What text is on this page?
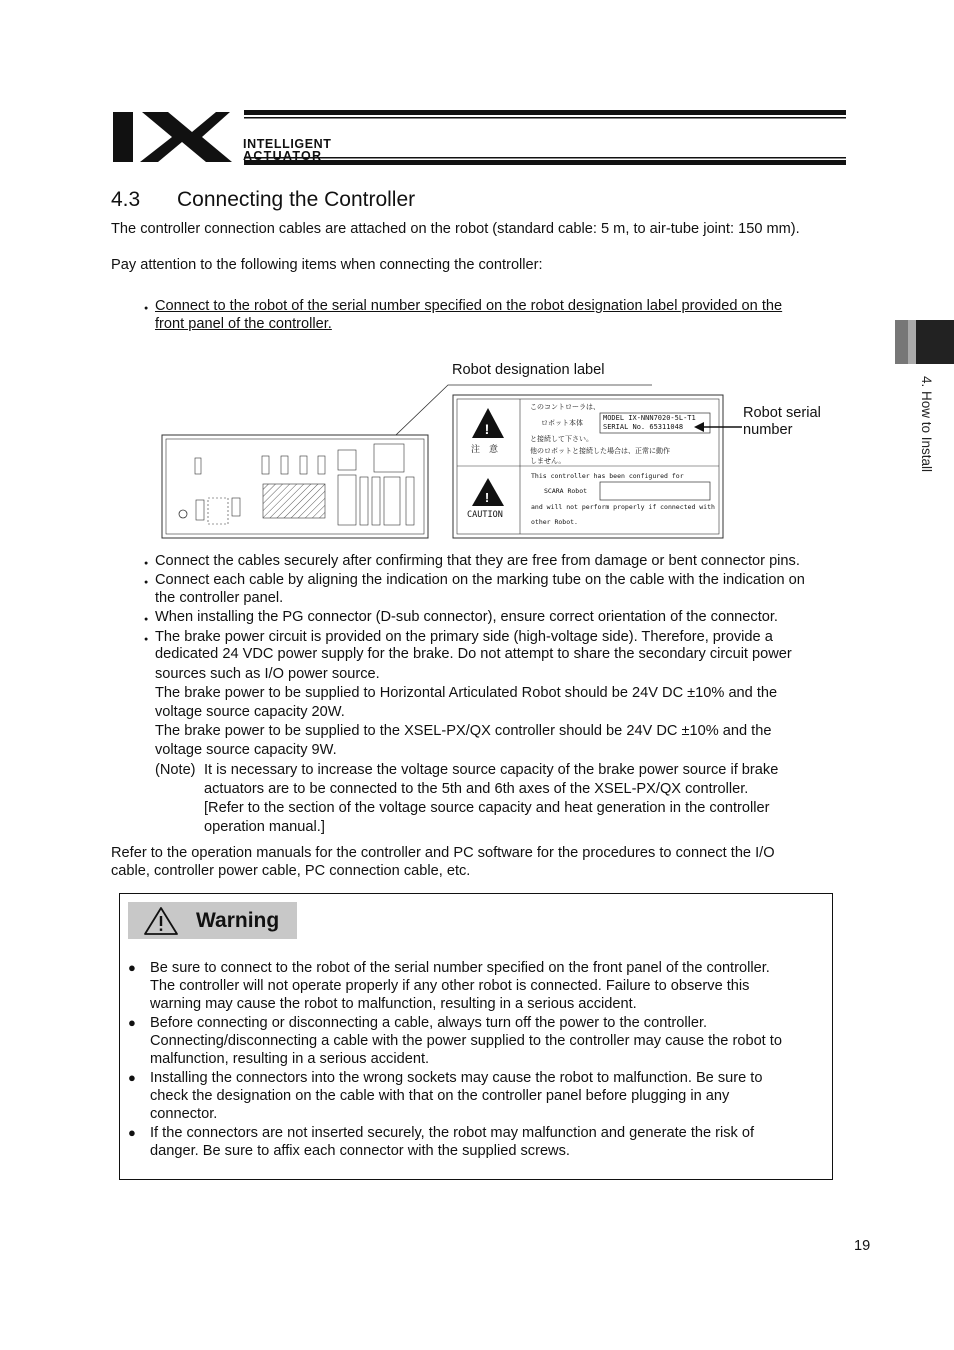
INTELLIGENT
ACTUATOR
4. How to Install
4.3 Connecting the Controller
The controller connection cables are attached on the robot (standard cable: 5 m, to air-tube joint: 150 mm).
Pay attention to the following items when connecting the controller:
● Connect to the robot of the serial number specified on the robot designation label provided on the
front panel of the controller.
Robot designation label
Robot serial
number
!
!
このコントローラは、
ロボット本体
MODEL IX-NNN7020-5L-T1
SERIAL No. 65311048
と接続して下さい。
他のロボットと接続した場合は、正常に動作
しません。
注　意
CAUTION
This controller has been configured for
SCARA Robot
and will not perform properly if connected with
other Robot.
● Connect the cables securely after confirming that they are free from damage or bent connector pins.
● Connect each cable by aligning the indication on the marking tube on the cable with the indication on
the controller panel.
● When installing the PG connector (D-sub connector), ensure correct orientation of the connector.
● The brake power circuit is provided on the primary side (high-voltage side). Therefore, provide a
dedicated 24 VDC power supply for the brake. Do not attempt to share the secondary circuit power
sources such as I/O power source.
The brake power to be supplied to Horizontal Articulated Robot should be 24V DC ±10% and the
voltage source capacity 20W.
The brake power to be supplied to the XSEL-PX/QX controller should be 24V DC ±10% and the
voltage source capacity 9W.
(Note) It is necessary to increase the voltage source capacity of the brake power source if brake
actuators are to be connected to the 5th and 6th axes of the XSEL-PX/QX controller.
[Refer to the section of the voltage source capacity and heat generation in the controller
operation manual.]
Refer to the operation manuals for the controller and PC software for the procedures to connect the I/O
cable, controller power cable, PC connection cable, etc.
Warning
● Be sure to connect to the robot of the serial number specified on the front panel of the controller.
The controller will not operate properly if any other robot is connected. Failure to observe this
warning may cause the robot to malfunction, resulting in a serious accident.
● Before connecting or disconnecting a cable, always turn off the power to the controller.
Connecting/disconnecting a cable with the power supplied to the controller may cause the robot to
malfunction, resulting in a serious accident.
● Installing the connectors into the wrong sockets may cause the robot to malfunction. Be sure to
check the designation on the cable with that on the controller panel before plugging in any
connector.
● If the connectors are not inserted securely, the robot may malfunction and generate the risk of
danger. Be sure to affix each connector with the supplied screws.
19
